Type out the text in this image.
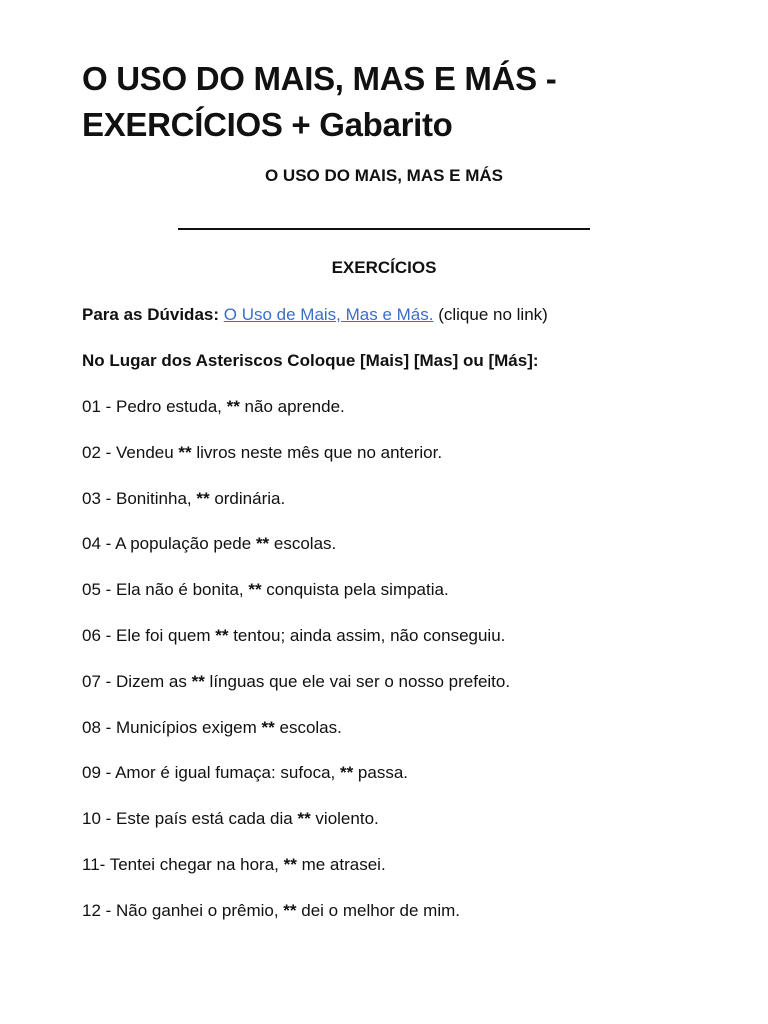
O USO DO MAIS, MAS E MÁS -
EXERCÍCIOS + Gabarito

O USO DO MAIS, MAS E MÁS

EXERCÍCIOS

Para as Dúvidas: O Uso de Mais, Mas e Más. (clique no link)

No Lugar dos Asteriscos Coloque [Mais] [Mas] ou [Más]:

01 - Pedro estuda, ** não aprende.

02 - Vendeu ** livros neste mês que no anterior.

03 - Bonitinha, ** ordinária.

04 - A população pede ** escolas.

05 - Ela não é bonita, ** conquista pela simpatia.

06 - Ele foi quem ** tentou; ainda assim, não conseguiu.

07 - Dizem as ** línguas que ele vai ser o nosso prefeito.

08 - Municípios exigem ** escolas.

09 - Amor é igual fumaça: sufoca, ** passa.

10 - Este país está cada dia ** violento.

11- Tentei chegar na hora, ** me atrasei.

12 - Não ganhei o prêmio, ** dei o melhor de mim.
